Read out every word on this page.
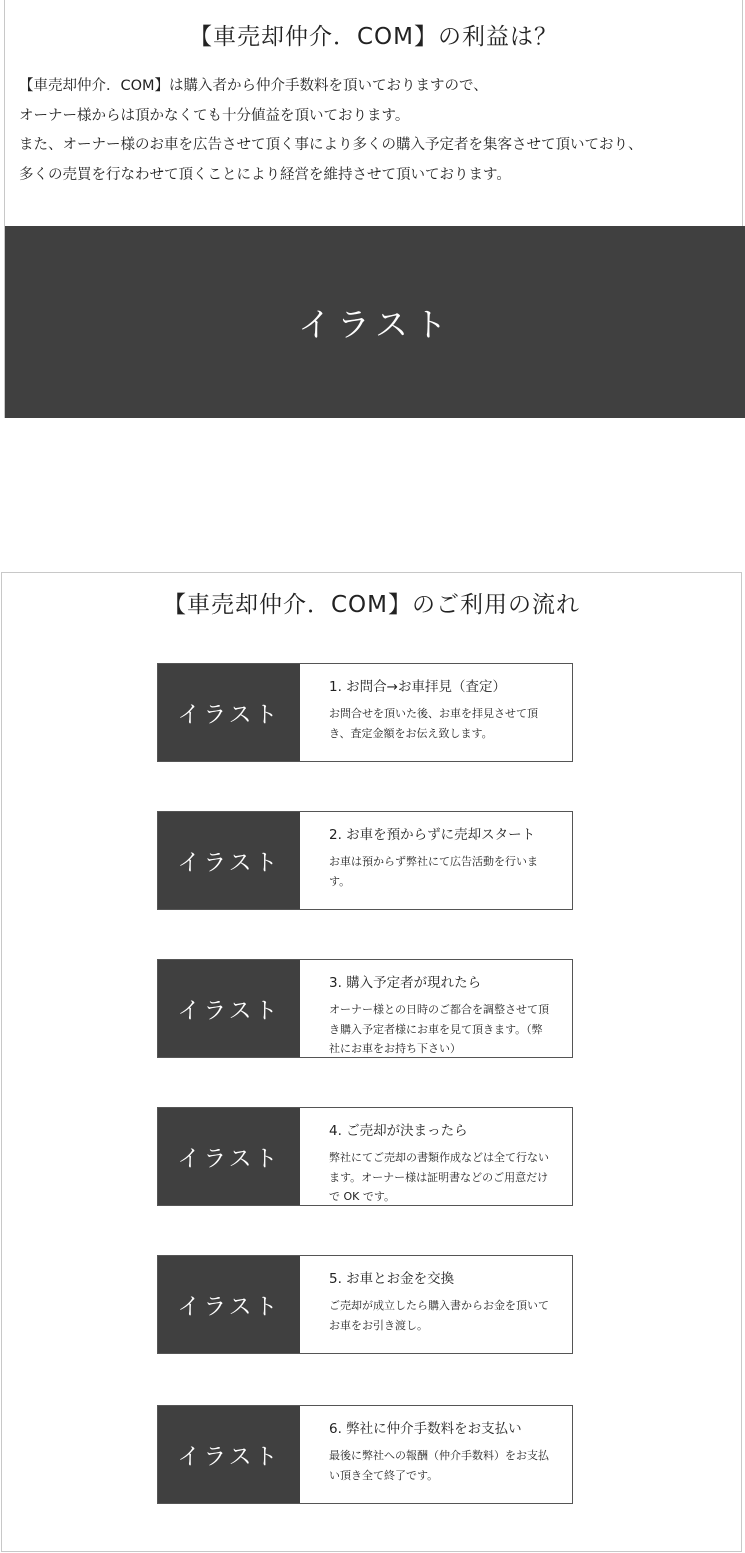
【車売却仲介．COM】の利益は？

【車売却仲介．COM】は購入者から仲介手数料を頂いておりますので、

オーナー様からは頂かなくても十分値益を頂いております。

また、オーナー様のお車を広告させて頂く事により多くの購入予定者を集客させて頂いており、

多くの売買を行なわせて頂くことにより経営を維持させて頂いております。

イラスト
【車売却仲介．COM】のご利用の流れ
イラスト
1. お問合→お車拝見（査定）

お問合せを頂いた後、お車を拝見させて頂き、査定金額をお伝え致します。

イラスト
2. お車を預からずに売却スタート

お車は預からず弊社にて広告活動を行います。

イラスト
3. 購入予定者が現れたら

オーナー様との日時のご都合を調整させて頂き購入予定者様にお車を見て頂きます。（弊社にお車をお持ち下さい）

イラスト
4. ご売却が決まったら

弊社にてご売却の書類作成などは全て行ないます。オーナー様は証明書などのご用意だけで OK です。

イラスト
5. お車とお金を交換

ご売却が成立したら購入書からお金を頂いてお車をお引き渡し。

イラスト
6. 弊社に仲介手数料をお支払い

最後に弊社への報酬（仲介手数料）をお支払い頂き全て終了です。
